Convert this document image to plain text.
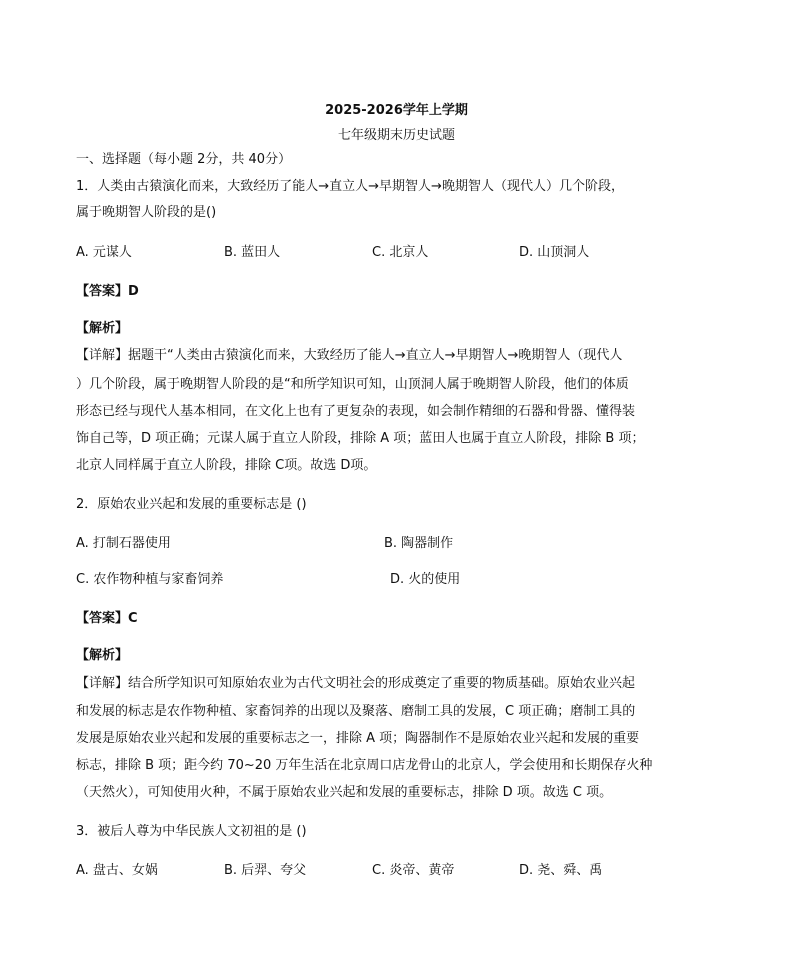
2025-2026学年上学期
七年级期末历史试题
一、选择题（每小题 2分，共 40分）
1．人类由古猿演化而来，大致经历了能人→直立人→早期智人→晚期智人（现代人）几个阶段，
属于晚期智人阶段的是()
A. 元谋人	B. 蓝田人	C. 北京人	D. 山顶洞人
【答案】D
【解析】
【详解】据题干“人类由古猿演化而来，大致经历了能人→直立人→早期智人→晚期智人（现代人
）几个阶段，属于晚期智人阶段的是“和所学知识可知，山顶洞人属于晚期智人阶段，他们的体质
形态已经与现代人基本相同，在文化上也有了更复杂的表现，如会制作精细的石器和骨器、懂得装
饰自己等，D 项正确；元谋人属于直立人阶段，排除 A 项；蓝田人也属于直立人阶段，排除 B 项；
北京人同样属于直立人阶段，排除 C项。故选 D项。
2．原始农业兴起和发展的重要标志是 ()
A. 打制石器使用	B. 陶器制作
C. 农作物种植与家畜饲养	D. 火的使用
【答案】C
【解析】
【详解】结合所学知识可知原始农业为古代文明社会的形成奠定了重要的物质基础。原始农业兴起
和发展的标志是农作物种植、家畜饲养的出现以及聚落、磨制工具的发展，C 项正确；磨制工具的
发展是原始农业兴起和发展的重要标志之一，排除 A 项；陶器制作不是原始农业兴起和发展的重要
标志，排除 B 项；距今约 70~20 万年生活在北京周口店龙骨山的北京人，学会使用和长期保存火种
（天然火），可知使用火种，不属于原始农业兴起和发展的重要标志，排除 D 项。故选 C 项。
3．被后人尊为中华民族人文初祖的是 ()
A. 盘古、女娲	B. 后羿、夸父	C. 炎帝、黄帝	D. 尧、舜、禹
